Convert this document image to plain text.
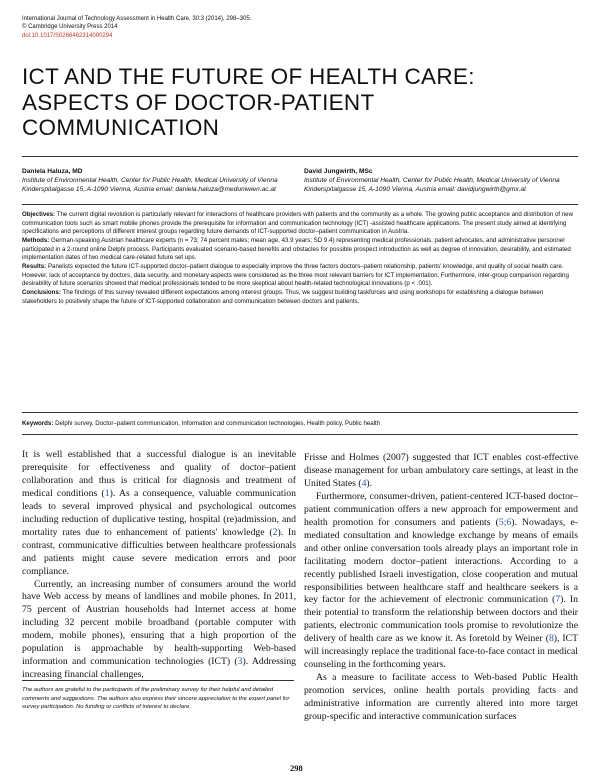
International Journal of Technology Assessment in Health Care, 30:3 (2014), 298–305.
© Cambridge University Press 2014
doi:10.1017/S0266462314000294
ICT AND THE FUTURE OF HEALTH CARE:
ASPECTS OF DOCTOR-PATIENT
COMMUNICATION
Daniela Haluza, MD
Institute of Environmental Health, Center for Public Health, Medical University of Vienna
Kinderspitalgasse 15, A-1090 Vienna, Austria email: daniela.haluza@meduniwien.ac.at
David Jungwirth, MSc
Institute of Environmental Health, Center for Public Health, Medical University of Vienna
Kinderspitalgasse 15, A-1090 Vienna, Austria email: davidjungwirth@gmx.at

Objectives: The current digital revolution is particularly relevant for interactions of healthcare providers with patients and the community as a whole. The growing public acceptance and distribution of new communication tools such as smart mobile phones provide the prerequisite for information and communication technology (ICT) -assisted healthcare applications. The present study aimed at identifying specifications and perceptions of different interest groups regarding future demands of ICT-supported doctor–patient communication in Austria.

Methods: German-speaking Austrian healthcare experts (n = 73; 74 percent males; mean age, 43.9 years; SD 9.4) representing medical professionals, patient advocates, and administrative personnel participated in a 2-round online Delphi process. Participants evaluated scenario-based benefits and obstacles for possible prospect introduction as well as degree of innovation, desirability, and estimated implementation dates of two medical care-related future set ups.

Results: Panelists expected the future ICT-supported doctor–patient dialogue to especially improve the three factors doctors–patient relationship, patients' knowledge, and quality of social health care. However, lack of acceptance by doctors, data security, and monetary aspects were considered as the three most relevant barriers for ICT implementation. Furthermore, inter-group comparison regarding desirability of future scenarios showed that medical professionals tended to be more skeptical about health-related technological innovations (p < .001).

Conclusions: The findings of this survey revealed different expectations among interest groups. Thus, we suggest building taskforces and using workshops for establishing a dialogue between stakeholders to positively shape the future of ICT-supported collaboration and communication between doctors and patients.

Keywords: Delphi survey, Doctor–patient communication, Information and communication technologies, Health policy, Public health

It is well established that a successful dialogue is an inevitable prerequisite for effectiveness and quality of doctor–patient collaboration and thus is critical for diagnosis and treatment of medical conditions (1). As a consequence, valuable communication leads to several improved physical and psychological outcomes including reduction of duplicative testing, hospital (re)admission, and mortality rates due to enhancement of patients' knowledge (2). In contrast, communicative difficulties between healthcare professionals and patients might cause severe medication errors and poor compliance.

Currently, an increasing number of consumers around the world have Web access by means of landlines and mobile phones. In 2011, 75 percent of Austrian households had Internet access at home including 32 percent mobile broadband (portable computer with modem, mobile phones), ensuring that a high proportion of the population is approachable by health-supporting Web-based information and communication technologies (ICT) (3). Addressing increasing financial challenges,

Frisse and Holmes (2007) suggested that ICT enables cost-effective disease management for urban ambulatory care settings, at least in the United States (4).

Furthermore, consumer-driven, patient-centered ICT-based doctor–patient communication offers a new approach for empowerment and health promotion for consumers and patients (5;6). Nowadays, e-mediated consultation and knowledge exchange by means of emails and other online conversation tools already plays an important role in facilitating modern doctor–patient interactions. According to a recently published Israeli investigation, close cooperation and mutual responsibilities between healthcare staff and healthcare seekers is a key factor for the achievement of electronic communication (7). In their potential to transform the relationship between doctors and their patients, electronic communication tools promise to revolutionize the delivery of health care as we know it. As foretold by Weiner (8), ICT will increasingly replace the traditional face-to-face contact in medical counseling in the forthcoming years.

As a measure to facilitate access to Web-based Public Health promotion services, online health portals providing facts and administrative information are currently altered into more target group-specific and interactive communication surfaces

The authors are grateful to the participants of the preliminary survey for their helpful and detailed comments and suggestions. The authors also express their sincere appreciation to the expert panel for survey participation. No funding or conflicts of interest to declare.
298
